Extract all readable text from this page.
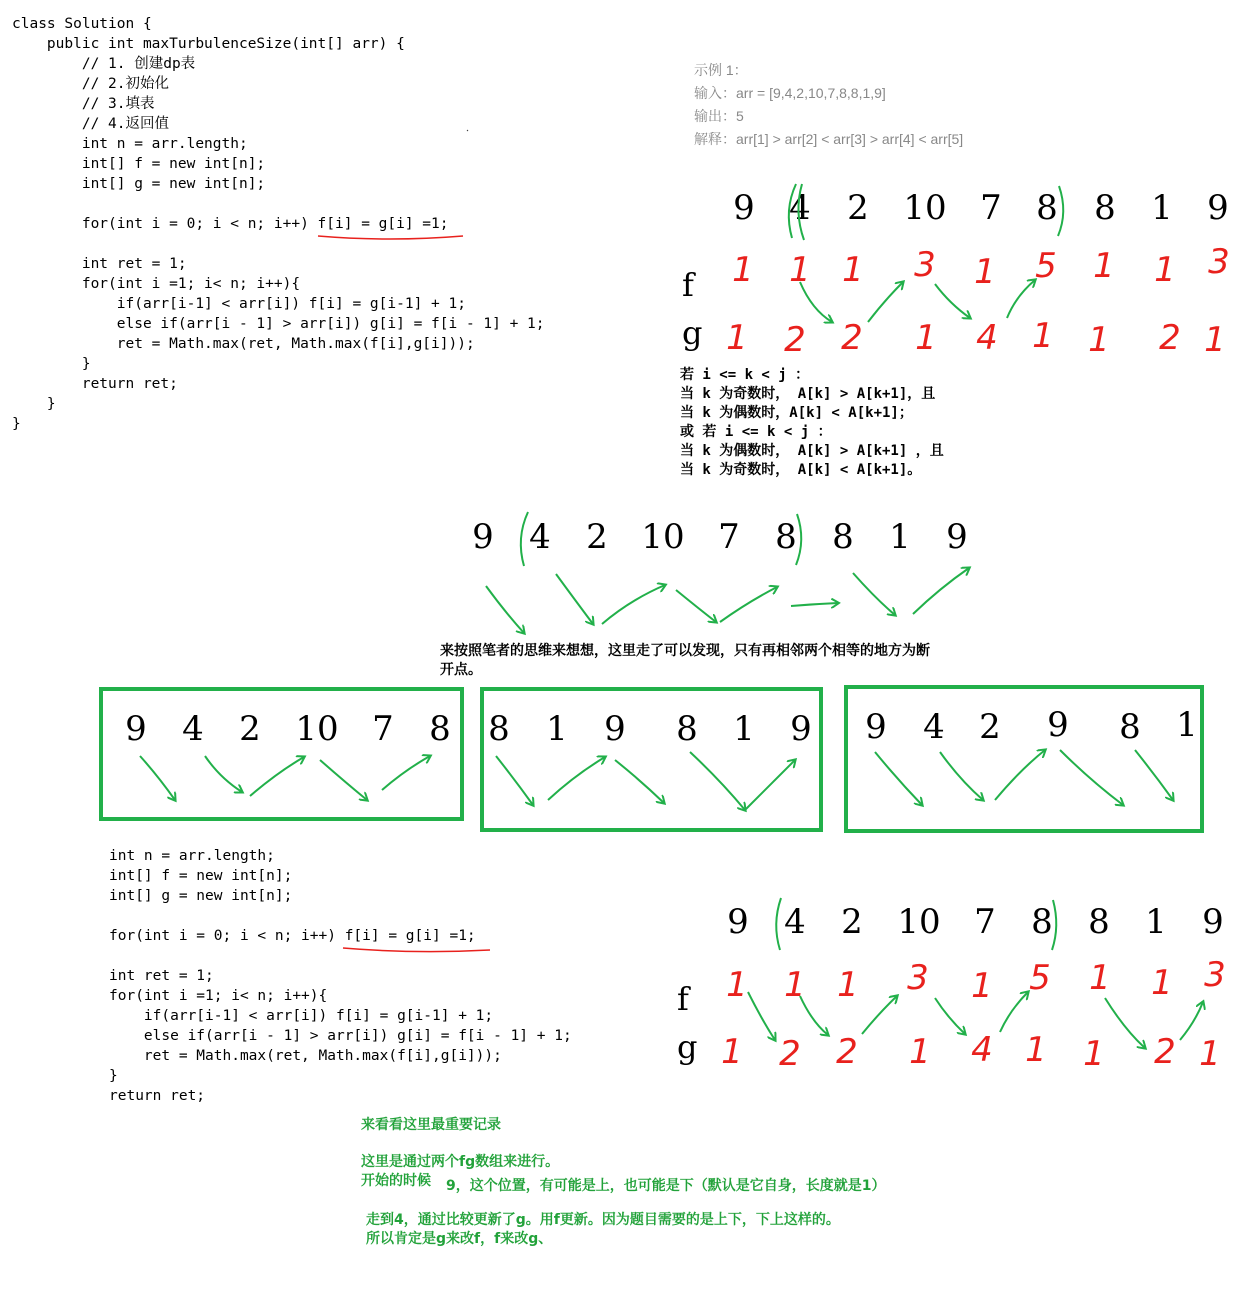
class Solution {
public int maxTurbulenceSize(int[] arr) {
// 1. 创建dp表
// 2.初始化
// 3.填表
// 4.返回值
int n = arr.length;
int[] f = new int[n];
int[] g = new int[n];

for(int i = 0; i < n; i++) f[i] = g[i] =1;

int ret = 1;
for(int i =1; i< n; i++){
if(arr[i-1] < arr[i]) f[i] = g[i-1] + 1;
else if(arr[i - 1] > arr[i]) g[i] = f[i - 1] + 1;
ret = Math.max(ret, Math.max(f[i],g[i]));
}
return ret;
}
}
示例 1：
输入：arr = [9,4,2,10,7,8,8,1,9]
输出：5
解释：arr[1] > arr[2] < arr[3] > arr[4] < arr[5]
9 4 2 10 7 8 8 1 9
f
g
1 1 1 3 1 5 1 1 3
1 2 2 1 4 1 1 2 1
若 i <= k < j ：
当 k 为奇数时， A[k] > A[k+1]，且
当 k 为偶数时，A[k] < A[k+1]；
或 若 i <= k < j ：
当 k 为偶数时， A[k] > A[k+1] ，且
当 k 为奇数时， A[k] < A[k+1]。
9 4 2 10 7 8 8 1 9
来按照笔者的思维来想想，这里走了可以发现，只有再相邻两个相等的地方为断
开点。
9 4 2 10 7 8 8 1 9 8 1 9 9 4 2 9 8 1
int n = arr.length;
int[] f = new int[n];
int[] g = new int[n];

for(int i = 0; i < n; i++) f[i] = g[i] =1;

int ret = 1;
for(int i =1; i< n; i++){
if(arr[i-1] < arr[i]) f[i] = g[i-1] + 1;
else if(arr[i - 1] > arr[i]) g[i] = f[i - 1] + 1;
ret = Math.max(ret, Math.max(f[i],g[i]));
}
return ret;
9 4 2 10 7 8 8 1 9
f
g
1 1 1 3 1 5 1 1 3
1 2 2 1 4 1 1 2 1
来看看这里最重要记录
这里是通过两个fg数组来进行。
开始的时候 9，这个位置，有可能是上，也可能是下（默认是它自身，长度就是1）
走到4，通过比较更新了g。用f更新。因为题目需要的是上下，下上这样的。
所以肯定是g来改f，f来改g、
